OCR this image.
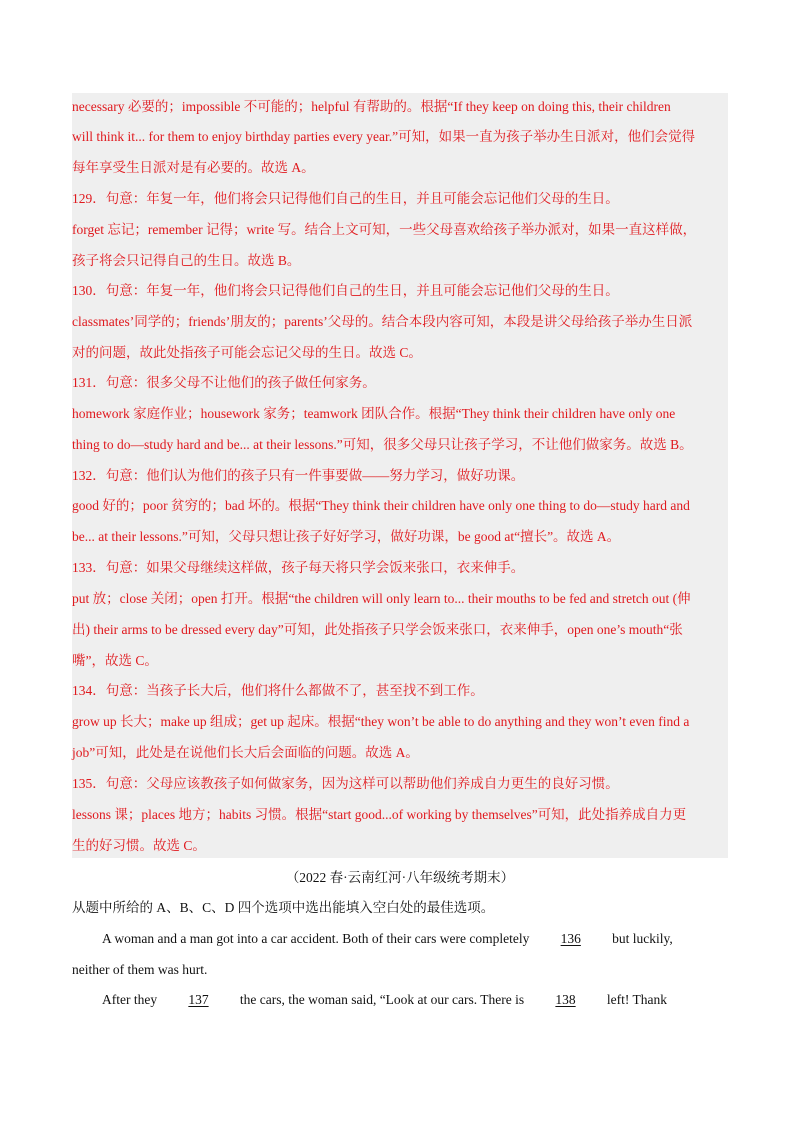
necessary 必要的；impossible 不可能的；helpful 有帮助的。根据“If they keep on doing this, their children
will think it... for them to enjoy birthday parties every year.”可知，如果一直为孩子举办生日派对，他们会觉得
每年享受生日派对是有必要的。故选 A。
129．句意：年复一年，他们将会只记得他们自己的生日，并且可能会忘记他们父母的生日。
forget 忘记；remember 记得；write 写。结合上文可知，一些父母喜欢给孩子举办派对，如果一直这样做，
孩子将会只记得自己的生日。故选 B。
130．句意：年复一年，他们将会只记得他们自己的生日，并且可能会忘记他们父母的生日。
classmates’同学的；friends’朋友的；parents’父母的。结合本段内容可知，本段是讲父母给孩子举办生日派
对的问题，故此处指孩子可能会忘记父母的生日。故选 C。
131．句意：很多父母不让他们的孩子做任何家务。
homework 家庭作业；housework 家务；teamwork 团队合作。根据“They think their children have only one
thing to do—study hard and be... at their lessons.”可知，很多父母只让孩子学习，不让他们做家务。故选 B。
132．句意：他们认为他们的孩子只有一件事要做——努力学习，做好功课。
good 好的；poor 贫穷的；bad 坏的。根据“They think their children have only one thing to do—study hard and
be... at their lessons.”可知，父母只想让孩子好好学习，做好功课，be good at“擅长”。故选 A。
133．句意：如果父母继续这样做，孩子每天将只学会饭来张口，衣来伸手。
put 放；close 关闭；open 打开。根据“the children will only learn to... their mouths to be fed and stretch out (伸
出) their arms to be dressed every day”可知，此处指孩子只学会饭来张口，衣来伸手，open one’s mouth“张
嘴”，故选 C。
134．句意：当孩子长大后，他们将什么都做不了，甚至找不到工作。
grow up 长大；make up 组成；get up 起床。根据“they won’t be able to do anything and they won’t even find a
job”可知，此处是在说他们长大后会面临的问题。故选 A。
135．句意：父母应该教孩子如何做家务，因为这样可以帮助他们养成自力更生的良好习惯。
lessons 课；places 地方；habits 习惯。根据“start good...of working by themselves”可知，此处指养成自力更
生的好习惯。故选 C。
（2022 春·云南红河·八年级统考期末）
从题中所给的 A、B、C、D 四个选项中选出能填入空白处的最佳选项。
A woman and a man got into a car accident. Both of their cars were completely 136 but luckily,
neither of them was hurt.
After they 137 the cars, the woman said, “Look at our cars. There is 138 left! Thank
